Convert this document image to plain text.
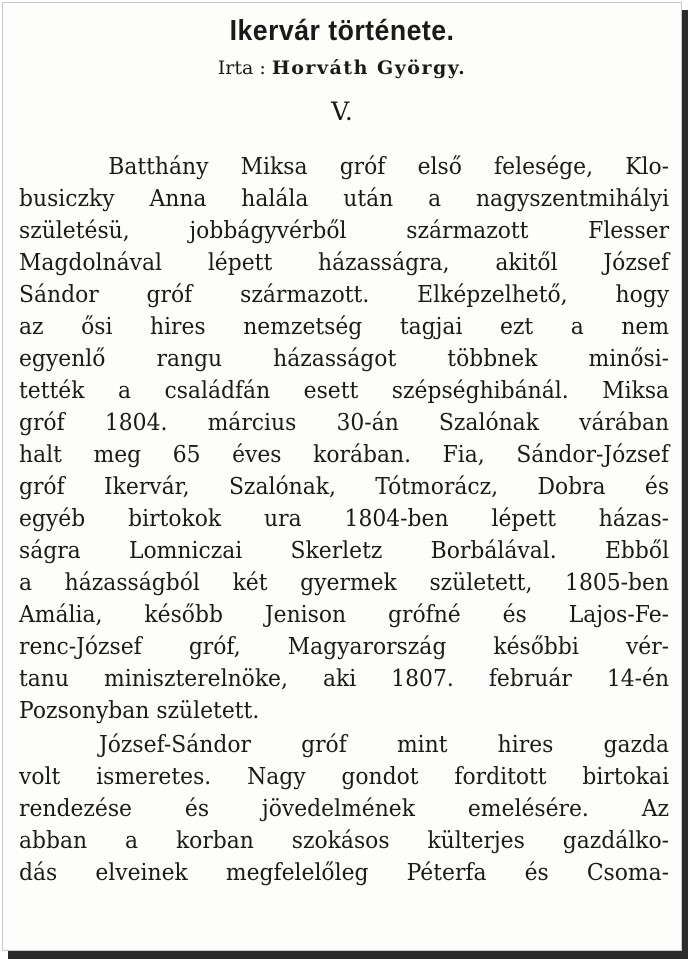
Ikervár története.
Irta : Horváth György.
V.
Batthány Miksa gróf első felesége, Klo-
busiczky Anna halála után a nagyszentmihályi
születésü, jobbágyvérből származott Flesser
Magdolnával lépett házasságra, akitől József
Sándor gróf származott. Elképzelhető, hogy
az ősi hires nemzetség tagjai ezt a nem
egyenlő rangu házasságot többnek minősi-
tették a családfán esett szépséghibánál. Miksa
gróf 1804. március 30-án Szalónak várában
halt meg 65 éves korában. Fia, Sándor-József
gróf Ikervár, Szalónak, Tótmorácz, Dobra és
egyéb birtokok ura 1804-ben lépett házas-
ságra Lomniczai Skerletz Borbálával. Ebből
a házasságból két gyermek született, 1805-ben
Amália, később Jenison grófné és Lajos-Fe-
renc-József gróf, Magyarország későbbi vér-
tanu miniszterelnöke, aki 1807. február 14-én
Pozsonyban született.
József-Sándor gróf mint hires gazda
volt ismeretes. Nagy gondot forditott birtokai
rendezése és jövedelmének emelésére. Az
abban a korban szokásos külterjes gazdálko-
dás elveinek megfelelőleg Péterfa és Csoma-
